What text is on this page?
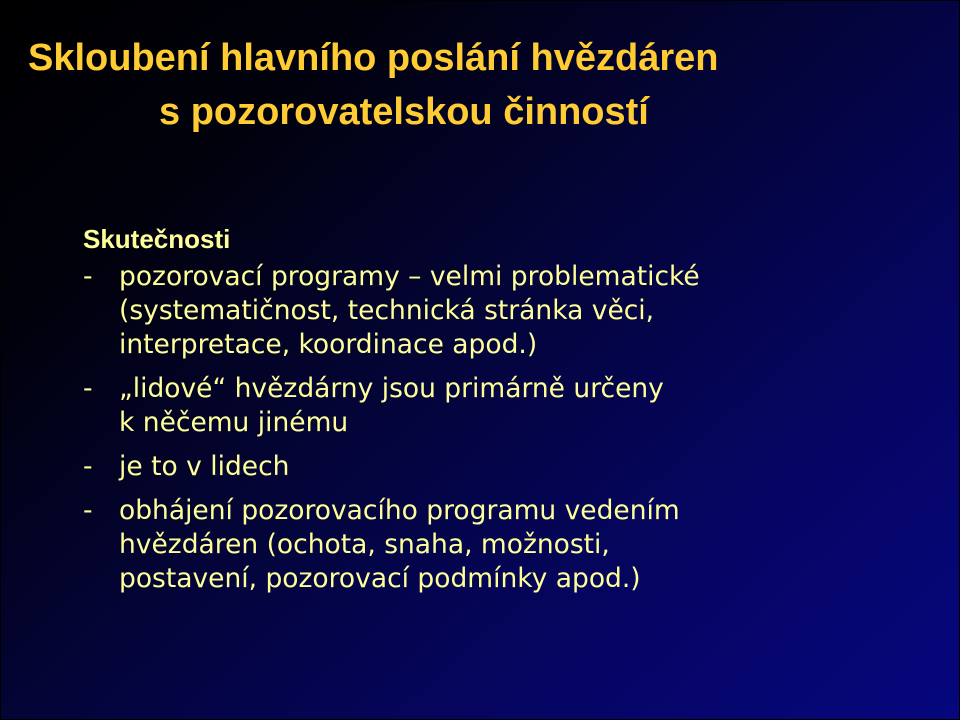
Skloubení hlavního poslání hvězdáren
s pozorovatelskou činností

Skutečnosti

- pozorovací programy – velmi problematické
(systematičnost, technická stránka věci,
interpretace, koordinace apod.)

- „lidové“ hvězdárny jsou primárně určeny
k něčemu jinému

- je to v lidech

- obhájení pozorovacího programu vedením
hvězdáren (ochota, snaha, možnosti,
postavení, pozorovací podmínky apod.)
